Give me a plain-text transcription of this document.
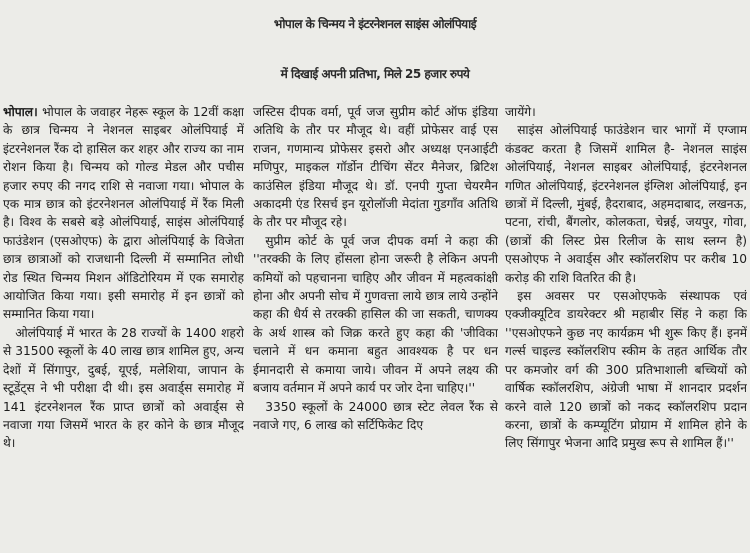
भोपाल के चिन्मय ने इंटरनेशनल साइंस ओलंपियाई
में दिखाई अपनी प्रतिभा, मिले 25 हजार रुपये

भोपाल। भोपाल के जवाहर नेहरू स्कूल के 12वीं कक्षा के छात्र चिन्मय ने नेशनल साइबर ओलंपियाई में इंटरनेशनल रैंक दो हासिल कर शहर और राज्य का नाम रोशन किया है। चिन्मय को गोल्ड मेडल और पचीस हजार रुपए की नगद राशि से नवाजा गया। भोपाल के एक मात्र छात्र को इंटरनेशनल ओलंपियाई में रैंक मिली है। विश्व के सबसे बड़े ओलंपियाई, साइंस ओलंपियाई फाउंडेशन (एसओएफ) के द्वारा ओलंपियाई के विजेता छात्र छात्राओं को राजधानी दिल्ली में सम्मानित लोधी रोड स्थित चिन्मय मिशन ऑडिटोरियम में एक समारोह आयोजित किया गया। इसी समारोह में इन छात्रों को सम्मानित किया गया।

ओलंपियाई में भारत के 28 राज्यों के 1400 शहरो से 31500 स्कूलों के 40 लाख छात्र शामिल हुए, अन्य देशों में सिंगापुर, दुबई, यूएई, मलेशिया, जापान के स्टूडेंट्स ने भी परीक्षा दी थी। इस अवार्ड्स समारोह में 141 इंटरनेशनल रैंक प्राप्त छात्रों को अवार्ड्स से नवाजा गया जिसमें भारत के हर कोने के छात्र मौजूद थे।

जस्टिस दीपक वर्मा, पूर्व जज सुप्रीम कोर्ट ऑफ इंडिया अतिथि के तौर पर मौजूद थे। वहीं प्रोफेसर वाई एस राजन, गणमान्य प्रोफेसर इसरो और अध्यक्ष एनआईटी मणिपुर, माइकल गॉर्डोन टीचिंग सेंटर मैनेजर, ब्रिटिश काउंसिल इंडिया मौजूद थे। डॉ. एनपी गुप्ता चेयरमैन अकादमी एंड रिसर्च इन यूरोलॉजी मेदांता गुडगाँव अतिथि के तौर पर मौजूद रहे।

सुप्रीम कोर्ट के पूर्व जज दीपक वर्मा ने कहा की ''तरक्की के लिए होंसला होना जरूरी है लेकिन अपनी कमियों को पहचानना चाहिए और जीवन में महत्वकांक्षी होना और अपनी सोच में गुणवत्ता लाये छात्र लाये उन्होंने कहा की धैर्य से तरक्की हासिल की जा सकती, चाणक्य के अर्थ शास्त्र को जिक्र करते हुए कहा की 'जीविका चलाने में धन कमाना बहुत आवश्यक है पर धन ईमानदारी से कमाया जाये। जीवन में अपने लक्ष्य की बजाय वर्तमान में अपने कार्य पर जोर देना चाहिए।''

3350 स्कूलों के 24000 छात्र स्टेट लेवल रैंक से नवाजे गए, 6 लाख को सर्टिफिकेट दिए

जायेंगे।

साइंस ओलंपियाई फाउंडेशन चार भागों में एग्जाम कंडक्ट करता है जिसमें शामिल है- नेशनल साइंस ओलंपियाई, नेशनल साइबर ओलंपियाई, इंटरनेशनल गणित ओलंपियाई, इंटरनेशनल इंग्लिश ओलंपियाई, इन छात्रों में दिल्ली, मुंबई, हैदराबाद, अहमदाबाद, लखनऊ, पटना, रांची, बैंगलोर, कोलकता, चेन्नई, जयपुर, गोवा, (छात्रों की लिस्ट प्रेस रिलीज के साथ स्लग्न है) एसओएफ ने अवार्ड्स और स्कॉलरशिप पर करीब 10 करोड़ की राशि वितरित की है।

इस अवसर पर एसओएफके संस्थापक एवं एक्जीक्यूटिव डायरेक्टर श्री महाबीर सिंह ने कहा कि ''एसओएफने कुछ नए कार्यक्रम भी शुरू किए हैं। इनमें गर्ल्स चाइल्ड स्कॉलरशिप स्कीम के तहत आर्थिक तौर पर कमजोर वर्ग की 300 प्रतिभाशाली बच्चियों को वार्षिक स्कॉलरशिप, अंग्रेजी भाषा में शानदार प्रदर्शन करने वाले 120 छात्रों को नकद स्कॉलरशिप प्रदान करना, छात्रों के कम्प्यूटिंग प्रोग्राम में शामिल होने के लिए सिंगापुर भेजना आदि प्रमुख रूप से शामिल हैं।''
